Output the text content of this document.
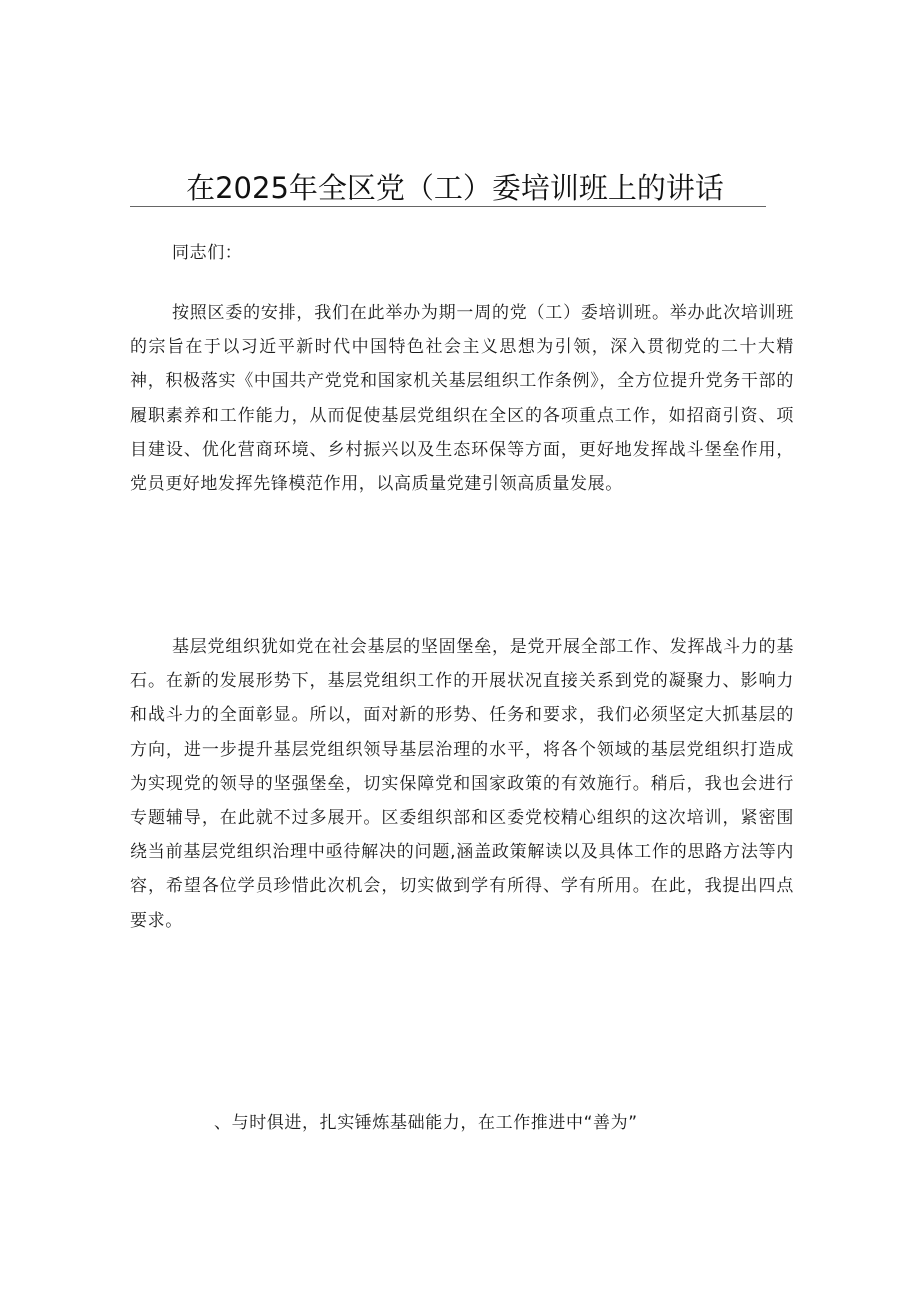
在2025年全区党（工）委培训班上的讲话
同志们：
按照区委的安排，我们在此举办为期一周的党（工）委培训班。举办此次培训班的宗旨在于以习近平新时代中国特色社会主义思想为引领，深入贯彻党的二十大精神，积极落实《中国共产党党和国家机关基层组织工作条例》，全方位提升党务干部的履职素养和工作能力，从而促使基层党组织在全区的各项重点工作，如招商引资、项目建设、优化营商环境、乡村振兴以及生态环保等方面，更好地发挥战斗堡垒作用，党员更好地发挥先锋模范作用，以高质量党建引领高质量发展。
基层党组织犹如党在社会基层的坚固堡垒，是党开展全部工作、发挥战斗力的基石。在新的发展形势下，基层党组织工作的开展状况直接关系到党的凝聚力、影响力和战斗力的全面彰显。所以，面对新的形势、任务和要求，我们必须坚定大抓基层的方向，进一步提升基层党组织领导基层治理的水平，将各个领域的基层党组织打造成为实现党的领导的坚强堡垒，切实保障党和国家政策的有效施行。稍后，我也会进行专题辅导，在此就不过多展开。区委组织部和区委党校精心组织的这次培训，紧密围绕当前基层党组织治理中亟待解决的问题,涵盖政策解读以及具体工作的思路方法等内容，希望各位学员珍惜此次机会，切实做到学有所得、学有所用。在此，我提出四点要求。
、与时俱进，扎实锤炼基础能力，在工作推进中“善为”
